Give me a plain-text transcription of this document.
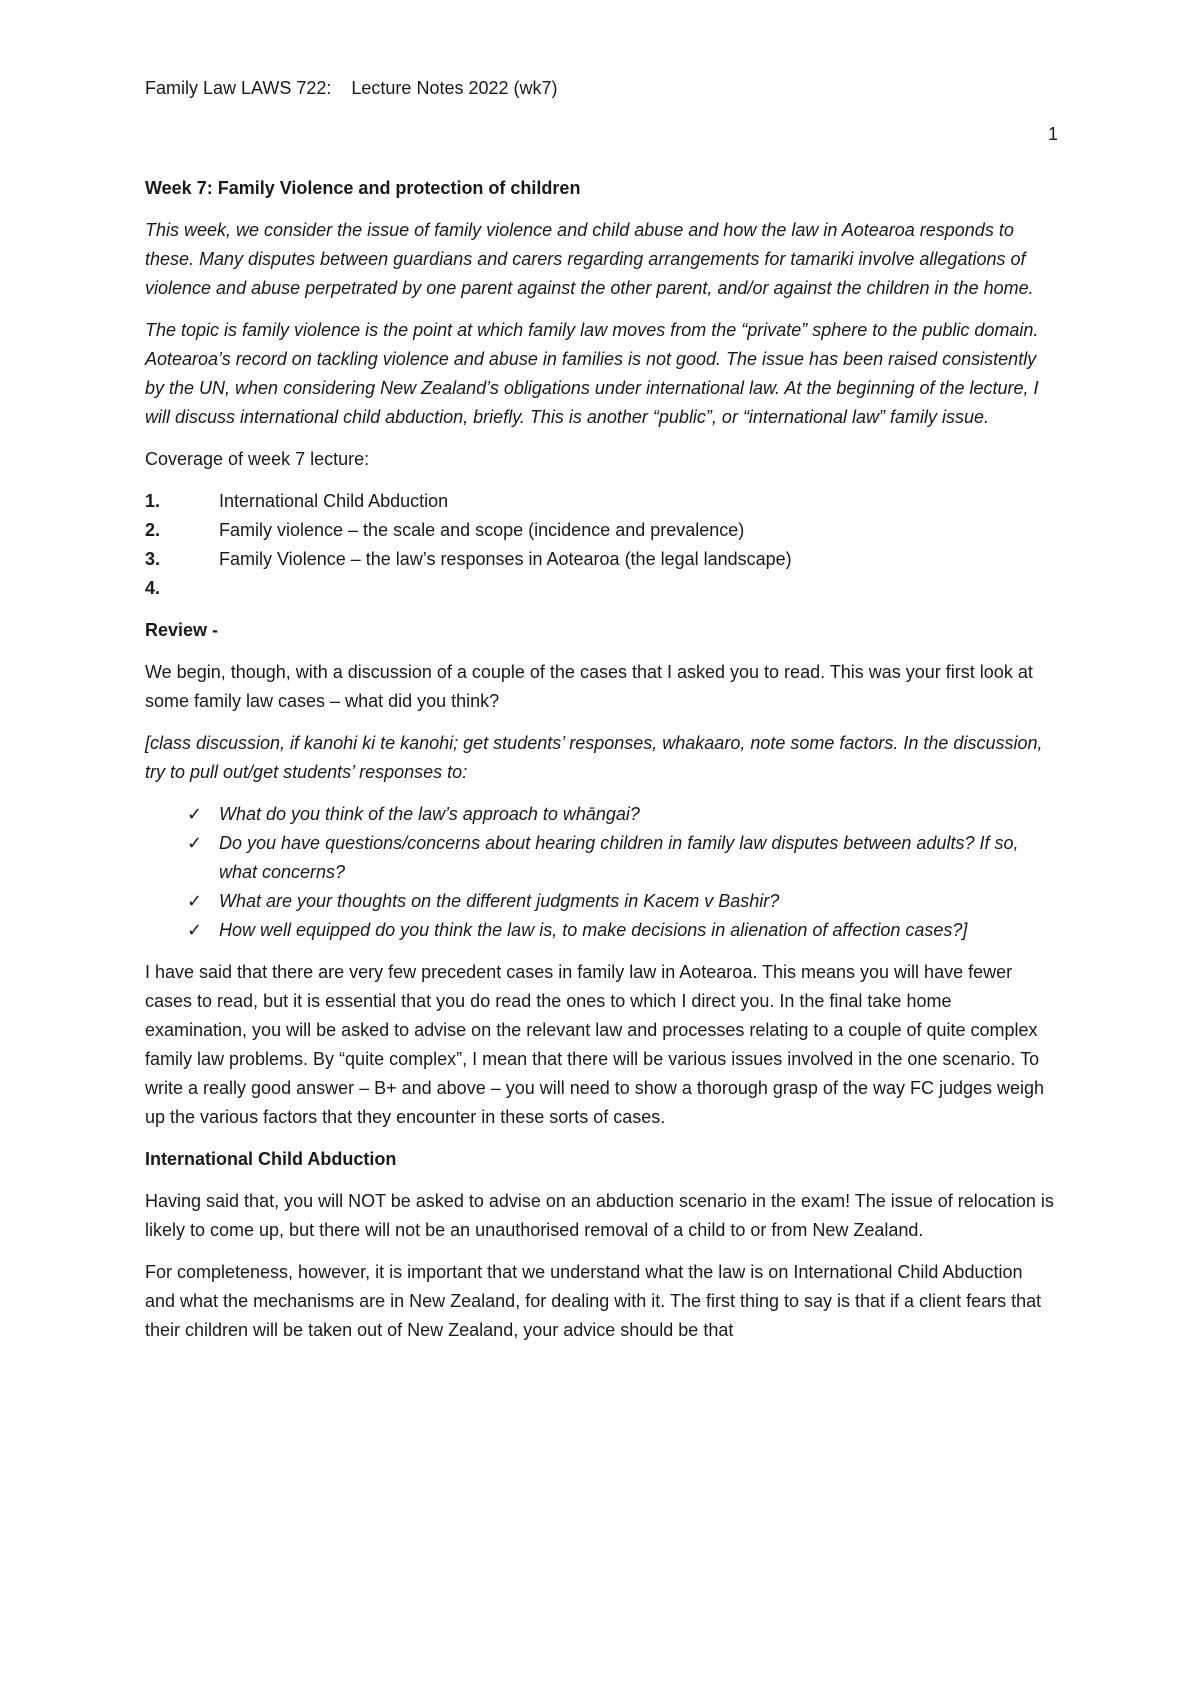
Family Law LAWS 722:    Lecture Notes 2022 (wk7)
1

Week 7: Family Violence and protection of children

This week, we consider the issue of family violence and child abuse and how the law in Aotearoa responds to these. Many disputes between guardians and carers regarding arrangements for tamariki involve allegations of violence and abuse perpetrated by one parent against the other parent, and/or against the children in the home.

The topic is family violence is the point at which family law moves from the “private” sphere to the public domain. Aotearoa’s record on tackling violence and abuse in families is not good. The issue has been raised consistently by the UN, when considering New Zealand’s obligations under international law. At the beginning of the lecture, I will discuss international child abduction, briefly. This is another “public”, or “international law” family issue.

Coverage of week 7 lecture:

1.	International Child Abduction
2.	Family violence – the scale and scope (incidence and prevalence)
3.	Family Violence – the law’s responses in Aotearoa (the legal landscape)
4.

Review -

We begin, though, with a discussion of a couple of the cases that I asked you to read. This was your first look at some family law cases – what did you think?

[class discussion, if kanohi ki te kanohi; get students’ responses, whakaaro, note some factors. In the discussion, try to pull out/get students’ responses to:

✓ What do you think of the law’s approach to whāngai?
✓ Do you have questions/concerns about hearing children in family law disputes between adults? If so, what concerns?
✓ What are your thoughts on the different judgments in Kacem v Bashir?
✓ How well equipped do you think the law is, to make decisions in alienation of affection cases?]

I have said that there are very few precedent cases in family law in Aotearoa. This means you will have fewer cases to read, but it is essential that you do read the ones to which I direct you. In the final take home examination, you will be asked to advise on the relevant law and processes relating to a couple of quite complex family law problems. By “quite complex”, I mean that there will be various issues involved in the one scenario. To write a really good answer – B+ and above – you will need to show a thorough grasp of the way FC judges weigh up the various factors that they encounter in these sorts of cases.

International Child Abduction

Having said that, you will NOT be asked to advise on an abduction scenario in the exam! The issue of relocation is likely to come up, but there will not be an unauthorised removal of a child to or from New Zealand.

For completeness, however, it is important that we understand what the law is on International Child Abduction and what the mechanisms are in New Zealand, for dealing with it. The first thing to say is that if a client fears that their children will be taken out of New Zealand, your advice should be that
